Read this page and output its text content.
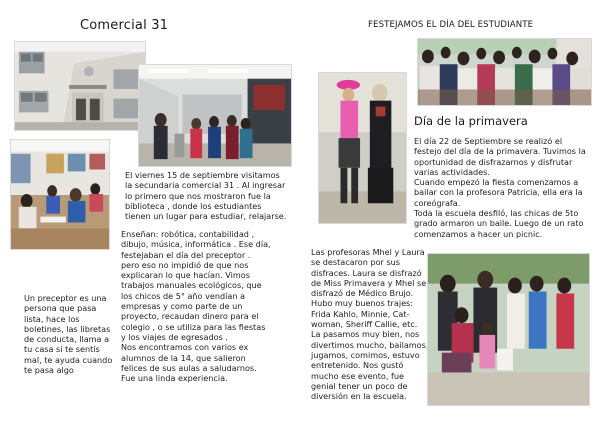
Comercial 31	FESTEJAMOS EL DÍA DEL ESTUDIANTE
El viernes 15 de septiembre visitamos
la secundaria comercial 31 . Al ingresar
lo primero que nos mostraron fue la
biblioteca , donde los estudiantes
tienen un lugar para estudiar, relajarse.
Enseñan: robótica, contabilidad ,
dibujo, música, informática . Ese día,
festejaban el día del preceptor .
pero eso no impidió de que nos
explicaran lo que hacían. Vimos
trabajos manuales ecológicos, que
los chicos de 5° año vendían a
empresas y como parte de un
proyecto, recaudan dinero para el
colegio , o se utiliza para las fiestas
y los viajes de egresados .
Nos encontramos con varios ex
alumnos de la 14, que salieron
felices de sus aulas a saludarnos.
Fue una linda experiencia.
Un preceptor es una
persona que pasa
lista, hace los
boletines, las libretas
de conducta, llama a
tu casa si te sentís
mal, te ayuda cuando
te pasa algo
Día de la primavera
El día 22 de Septiembre se realizó el
festejo del día de la primavera. Tuvimos la
oportunidad de disfrazarnos y disfrutar
varias actividades.
Cuando empezó la fiesta comenzamos a
bailar con la profesora Patricia, ella era la
coreógrafa.
Toda la escuela desfiló, las chicas de 5to
grado armaron un baile. Luego de un rato
comenzamos a hacer un picnic.
Las profesoras Mhel y Laura
se destacaron por sus
disfraces. Laura se disfrazó
de Miss Primavera y Mhel se
disfrazó de Médico Brujo.
Hubo muy buenos trajes:
Frida Kahlo, Minnie, Cat-
woman, Sheriff Callie, etc.
La pasamos muy bien, nos
divertimos mucho, bailamos,
jugamos, comimos, estuvo
entretenido. Nos gustó
mucho ese evento, fue
genial tener un poco de
diversión en la escuela.
